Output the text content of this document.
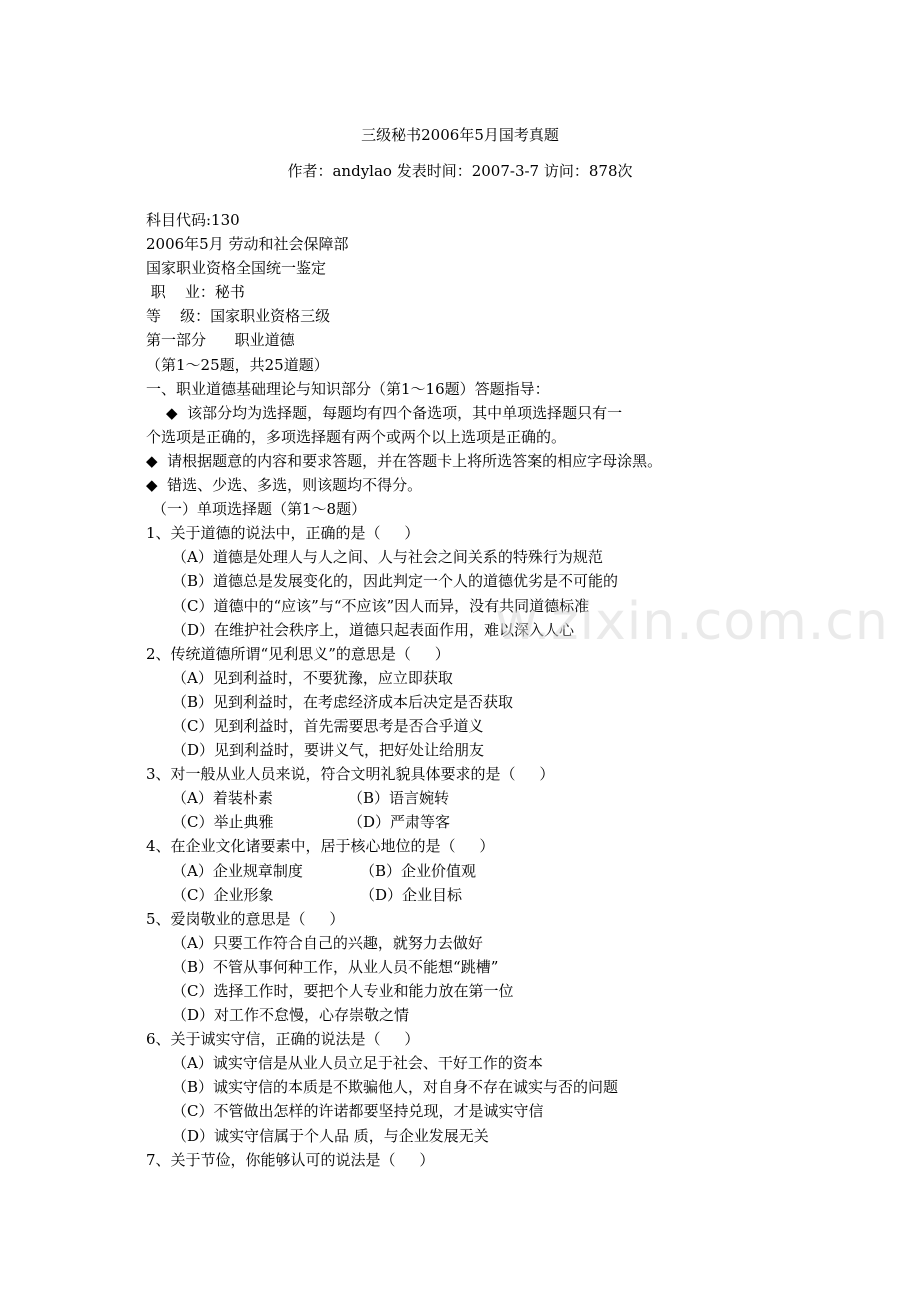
三级秘书2006年5月国考真题
作者：andylao 发表时间：2007-3-7 访问：878次
科目代码:130
2006年5月 劳动和社会保障部
国家职业资格全国统一鉴定
职    业：秘书
等    级：国家职业资格三级
第一部分      职业道德
（第1～25题，共25道题）
一、职业道德基础理论与知识部分（第1～16题）答题指导：
◆  该部分均为选择题，每题均有四个备选项，其中单项选择题只有一
个选项是正确的，多项选择题有两个或两个以上选项是正确的。
◆  请根据题意的内容和要求答题，并在答题卡上将所选答案的相应字母涂黑。
◆  错选、少选、多选，则该题均不得分。
（一）单项选择题（第1～8题）
1、关于道德的说法中，正确的是（     ）
（A）道德是处理人与人之间、人与社会之间关系的特殊行为规范
（B）道德总是发展变化的，因此判定一个人的道德优劣是不可能的
（C）道德中的“应该”与“不应该”因人而异，没有共同道德标准
（D）在维护社会秩序上，道德只起表面作用，难以深入人心
2、传统道德所谓“见利思义”的意思是（     ）
（A）见到利益时，不要犹豫，应立即获取
（B）见到利益时，在考虑经济成本后决定是否获取
（C）见到利益时，首先需要思考是否合乎道义
（D）见到利益时，要讲义气，把好处让给朋友
3、对一般从业人员来说，符合文明礼貌具体要求的是（     ）
（A）着装朴素	（B）语言婉转
（C）举止典雅	（D）严肃等客
4、在企业文化诸要素中，居于核心地位的是（     ）
（A）企业规章制度	（B）企业价值观
（C）企业形象	（D）企业目标
5、爱岗敬业的意思是（     ）
（A）只要工作符合自己的兴趣，就努力去做好
（B）不管从事何种工作，从业人员不能想“跳槽”
（C）选择工作时，要把个人专业和能力放在第一位
（D）对工作不怠慢，心存崇敬之情
6、关于诚实守信，正确的说法是（     ）
（A）诚实守信是从业人员立足于社会、干好工作的资本
（B）诚实守信的本质是不欺骗他人，对自身不存在诚实与否的问题
（C）不管做出怎样的许诺都要坚持兑现，才是诚实守信
（D）诚实守信属于个人品 质，与企业发展无关
7、关于节俭，你能够认可的说法是（     ）
w.zixin.com.cn
